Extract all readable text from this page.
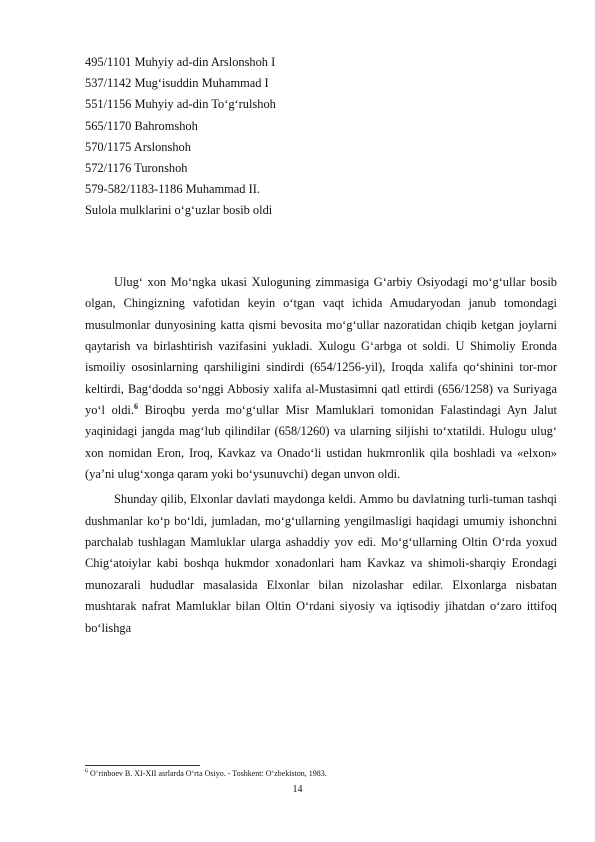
495/1101 Muhyiy ad-din Arslonshoh I
537/1142 Mug‘isuddin Muhammad I
551/1156 Muhyiy ad-din To‘g‘rulshoh
565/1170 Bahromshoh
570/1175 Arslonshoh
572/1176 Turonshoh
579-582/1183-1186 Muhammad II.
Sulola mulklarini o‘g‘uzlar bosib oldi

Ulug‘ xon Mo‘ngka ukasi Xuloguning zimmasiga G‘arbiy Osiyodagi mo‘g‘ullar bosib olgan, Chingizning vafotidan keyin o‘tgan vaqt ichida Amudaryodan janub tomondagi musulmonlar dunyosining katta qismi bevosita mo‘g‘ullar nazoratidan chiqib ketgan joylarni qaytarish va birlashtirish vazifasini yukladi. Xulogu G‘arbga ot soldi. U Shimoliy Eronda ismoiliy ososinlarning qarshiligini sindirdi (654/1256-yil), Iroqda xalifa qo‘shinini tor-mor keltirdi, Bag‘dodda so‘nggi Abbosiy xalifa al-Mustasimni qatl ettirdi (656/1258) va Suriyaga yo‘l oldi.$^6$ Biroqbu yerda mo‘g‘ullar Misr Mamluklari tomonidan Falastindagi Ayn Jalut yaqinidagi jangda mag‘lub qilindilar (658/1260) va ularning siljishi to‘xtatildi. Hulogu ulug‘ xon nomidan Eron, Iroq, Kavkaz va Onado‘li ustidan hukmronlik qila boshladi va «elxon» (ya’ni ulug‘xonga qaram yoki bo‘ysunuvchi) degan unvon oldi.

Shunday qilib, Elxonlar davlati maydonga keldi. Ammo bu davlatning turli-tuman tashqi dushmanlar ko‘p bo‘ldi, jumladan, mo‘g‘ullarning yengilmasligi haqidagi umumiy ishonchni parchalab tushlagan Mamluklar ularga ashaddiy yov edi. Mo‘g‘ullarning Oltin O‘rda yoxud Chig‘atoiylar kabi boshqa hukmdor xonadonlari ham Kavkaz va shimoli-sharqiy Erondagi munozarali hududlar masalasida Elxonlar bilan nizolashar edilar. Elxonlarga nisbatan mushtarak nafrat Mamluklar bilan Oltin O‘rdani siyosiy va iqtisodiy jihatdan o‘zaro ittifoq bo‘lishga

$^6$ O‘rinboev B. XI-XII asrlarda O‘rta Osiyo. - Toshkent: O‘zbekiston, 1983.
14
